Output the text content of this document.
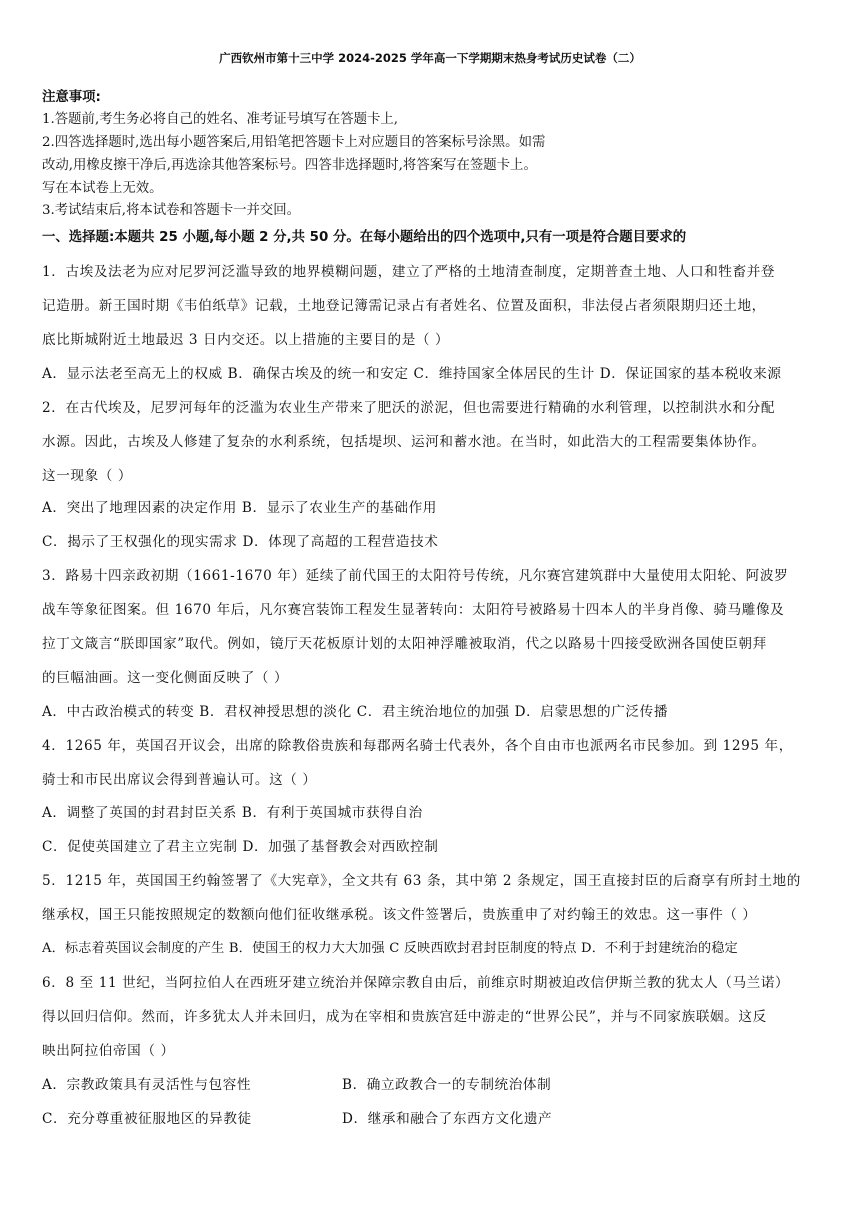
广西钦州市第十三中学 2024-2025 学年高一下学期期末热身考试历史试卷（二）
注意事项:
1.答题前,考生务必将自己的姓名、准考证号填写在答题卡上,
2.四答选择题时,选出每小题答案后,用铅笔把答题卡上对应题目的答案标号涂黑。如需
改动,用橡皮擦干净后,再选涂其他答案标号。四答非选择题时,将答案写在签题卡上。
写在本试卷上无效。
3.考试结束后,将本试卷和答题卡一并交回。
一、选择题:本题共 25 小题,每小题 2 分,共 50 分。在每小题给出的四个选项中,只有一项是符合题目要求的
1．古埃及法老为应对尼罗河泛滥导致的地界模糊问题，建立了严格的土地清查制度，定期普查土地、人口和牲畜并登
记造册。新王国时期《韦伯纸草》记载，土地登记簿需记录占有者姓名、位置及面积，非法侵占者须限期归还土地，
底比斯城附近土地最迟 3 日内交还。以上措施的主要目的是（ ）
A．显示法老至高无上的权威 B．确保古埃及的统一和安定 C．维持国家全体居民的生计 D．保证国家的基本税收来源
2．在古代埃及，尼罗河每年的泛滥为农业生产带来了肥沃的淤泥，但也需要进行精确的水利管理，以控制洪水和分配
水源。因此，古埃及人修建了复杂的水利系统，包括堤坝、运河和蓄水池。在当时，如此浩大的工程需要集体协作。
这一现象（ ）
A．突出了地理因素的决定作用 B．显示了农业生产的基础作用
C．揭示了王权强化的现实需求 D．体现了高超的工程营造技术
3．路易十四亲政初期（1661-1670 年）延续了前代国王的太阳符号传统，凡尔赛宫建筑群中大量使用太阳轮、阿波罗
战车等象征图案。但 1670 年后，凡尔赛宫装饰工程发生显著转向：太阳符号被路易十四本人的半身肖像、骑马雕像及
拉丁文箴言“朕即国家”取代。例如，镜厅天花板原计划的太阳神浮雕被取消，代之以路易十四接受欧洲各国使臣朝拜
的巨幅油画。这一变化侧面反映了（ ）
A．中古政治模式的转变 B．君权神授思想的淡化 C．君主统治地位的加强 D．启蒙思想的广泛传播
4．1265 年，英国召开议会，出席的除教俗贵族和每郡两名骑士代表外，各个自由市也派两名市民参加。到 1295 年，
骑士和市民出席议会得到普遍认可。这（ ）
A．调整了英国的封君封臣关系 B．有利于英国城市获得自治
C．促使英国建立了君主立宪制 D．加强了基督教会对西欧控制
5．1215 年，英国国王约翰签署了《大宪章》，全文共有 63 条，其中第 2 条规定，国王直接封臣的后裔享有所封土地的
继承权，国王只能按照规定的数额向他们征收继承税。该文件签署后，贵族重申了对约翰王的效忠。这一事件（ ）
A．标志着英国议会制度的产生 B．使国王的权力大大加强 C 反映西欧封君封臣制度的特点 D．不利于封建统治的稳定
6．8 至 11 世纪，当阿拉伯人在西班牙建立统治并保障宗教自由后，前维京时期被迫改信伊斯兰教的犹太人（马兰诺）
得以回归信仰。然而，许多犹太人并未回归，成为在宰相和贵族宫廷中游走的“世界公民”，并与不同家族联姻。这反
映出阿拉伯帝国（ ）
A．宗教政策具有灵活性与包容性	B．确立政教合一的专制统治体制
C．充分尊重被征服地区的异教徒	D．继承和融合了东西方文化遗产
